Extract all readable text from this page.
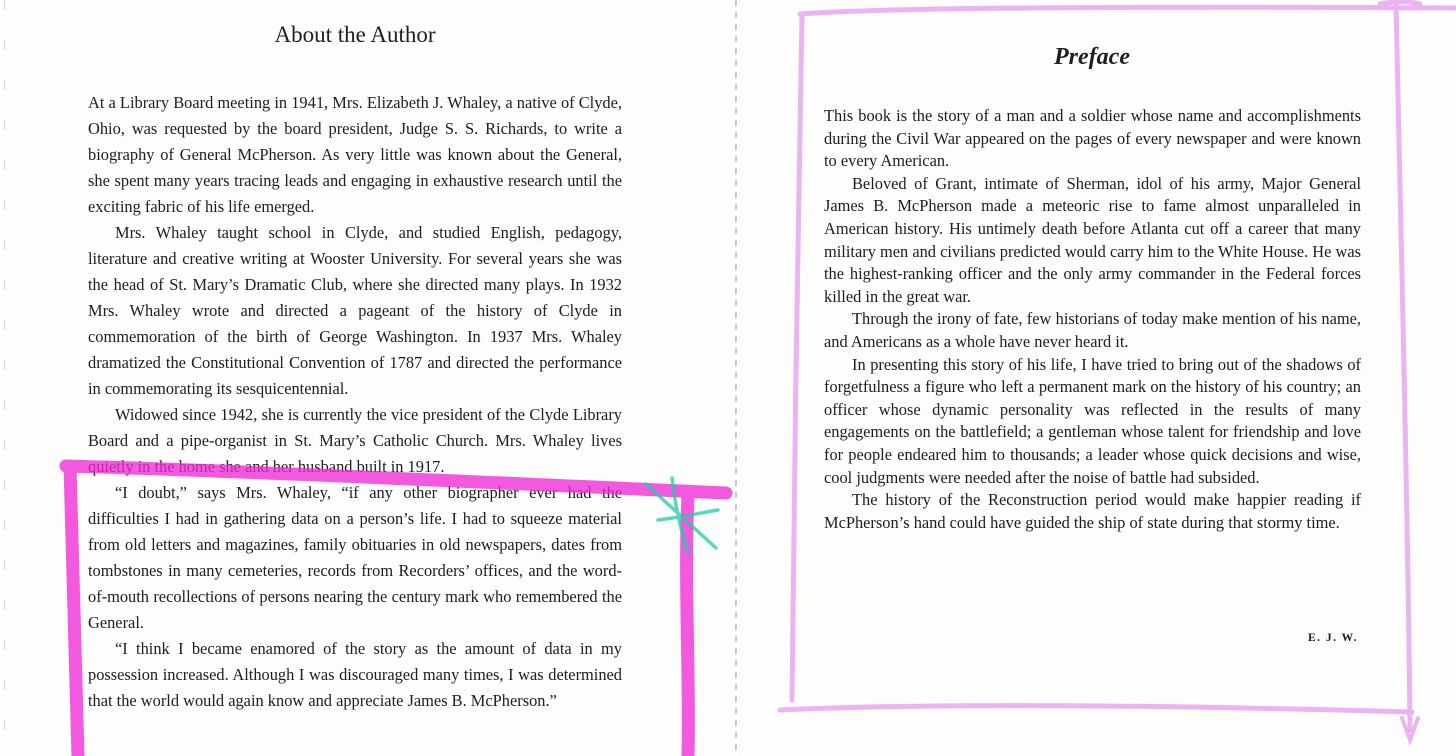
About the Author

At a Library Board meeting in 1941, Mrs. Elizabeth J. Whaley, a native of Clyde, Ohio, was requested by the board president, Judge S. S. Richards, to write a biography of General McPherson. As very little was known about the General, she spent many years tracing leads and engaging in exhaustive research until the exciting fabric of his life emerged.

Mrs. Whaley taught school in Clyde, and studied English, pedagogy, literature and creative writing at Wooster University. For several years she was the head of St. Mary’s Dramatic Club, where she directed many plays. In 1932 Mrs. Whaley wrote and directed a pageant of the history of Clyde in commemoration of the birth of George Washington. In 1937 Mrs. Whaley dramatized the Constitutional Convention of 1787 and directed the performance in commemorating its sesquicentennial.

Widowed since 1942, she is currently the vice president of the Clyde Library Board and a pipe-organist in St. Mary’s Catholic Church. Mrs. Whaley lives quietly in the home she and her husband built in 1917.

“I doubt,” says Mrs. Whaley, “if any other biographer ever had the difficulties I had in gathering data on a person’s life. I had to squeeze material from old letters and magazines, family obituaries in old newspapers, dates from tombstones in many cemeteries, records from Recorders’ offices, and the word-of-mouth recollections of persons nearing the century mark who remembered the General.

“I think I became enamored of the story as the amount of data in my possession increased. Although I was discouraged many times, I was determined that the world would again know and appreciate James B. McPherson.”

Preface

This book is the story of a man and a soldier whose name and accomplishments during the Civil War appeared on the pages of every newspaper and were known to every American.

Beloved of Grant, intimate of Sherman, idol of his army, Major General James B. McPherson made a meteoric rise to fame almost unparalleled in American history. His untimely death before Atlanta cut off a career that many military men and civilians predicted would carry him to the White House. He was the highest-ranking officer and the only army commander in the Federal forces killed in the great war.

Through the irony of fate, few historians of today make mention of his name, and Americans as a whole have never heard it.

In presenting this story of his life, I have tried to bring out of the shadows of forgetfulness a figure who left a permanent mark on the history of his country; an officer whose dynamic personality was reflected in the results of many engagements on the battlefield; a gentleman whose talent for friendship and love for people endeared him to thousands; a leader whose quick decisions and wise, cool judgments were needed after the noise of battle had subsided.

The history of the Reconstruction period would make happier reading if McPherson’s hand could have guided the ship of state during that stormy time.

E. J. W.
